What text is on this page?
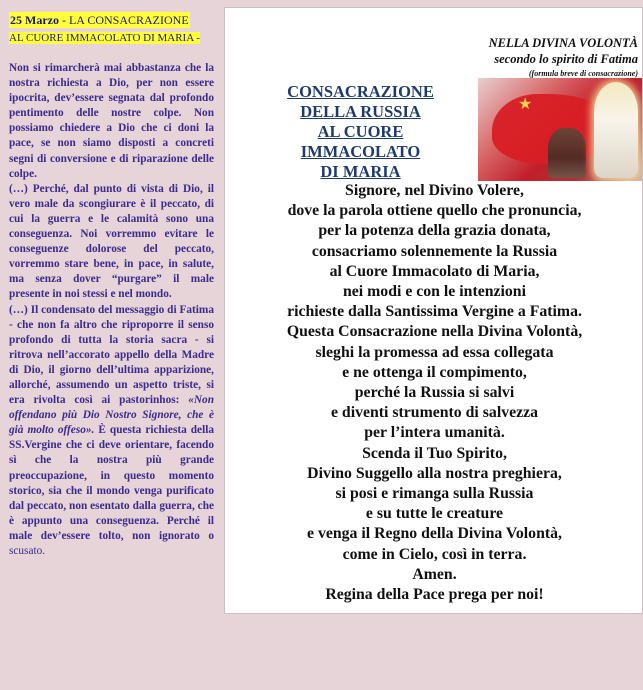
25 Marzo - LA CONSACRAZIONE
AL CUORE IMMACOLATO DI MARIA -

Non si rimarcherà mai abbastanza che la nostra richiesta a Dio, per non essere ipocrita, dev’essere segnata dal profondo pentimento delle nostre colpe. Non possiamo chiedere a Dio che ci doni la pace, se non siamo disposti a concreti segni di conversione e di riparazione delle colpe.

(…) Perché, dal punto di vista di Dio, il vero male da scongiurare è il peccato, di cui la guerra e le calamità sono una conseguenza. Noi vorremmo evitare le conseguenze dolorose del peccato, vorremmo stare bene, in pace, in salute, ma senza dover “purgare” il male presente in noi stessi e nel mondo.

(…) Il condensato del messaggio di Fatima - che non fa altro che riproporre il senso profondo di tutta la storia sacra - si ritrova nell’accorato appello della Madre di Dio, il giorno dell’ultima apparizione, allorché, assumendo un aspetto triste, si era rivolta così ai pastorinhos: «Non offendano più Dio Nostro Signore, che è già molto offeso». È questa richiesta della SS.Vergine che ci deve orientare, facendo sì che la nostra più grande preoccupazione, in questo momento storico, sia che il mondo venga purificato dal peccato, non esentato dalla guerra, che è appunto una conseguenza. Perché il male dev’essere tolto, non ignorato o scusato.

NELLA DIVINA VOLONTÀ
secondo lo spirito di Fatima
(formula breve di consacrazione)
CONSACRAZIONE
DELLA RUSSIA
AL CUORE IMMACOLATO
DI MARIA
★
Signore, nel Divino Volere,
dove la parola ottiene quello che pronuncia,
per la potenza della grazia donata,
consacriamo solennemente la Russia
al Cuore Immacolato di Maria,
nei modi e con le intenzioni
richieste dalla Santissima Vergine a Fatima.
Questa Consacrazione nella Divina Volontà,
sleghi la promessa ad essa collegata
e ne ottenga il compimento,
perché la Russia si salvi
e diventi strumento di salvezza
per l’intera umanità.
Scenda il Tuo Spirito,
Divino Suggello alla nostra preghiera,
si posi e rimanga sulla Russia
e su tutte le creature
e venga il Regno della Divina Volontà,
come in Cielo, così in terra.
Amen.
Regina della Pace prega per noi!
